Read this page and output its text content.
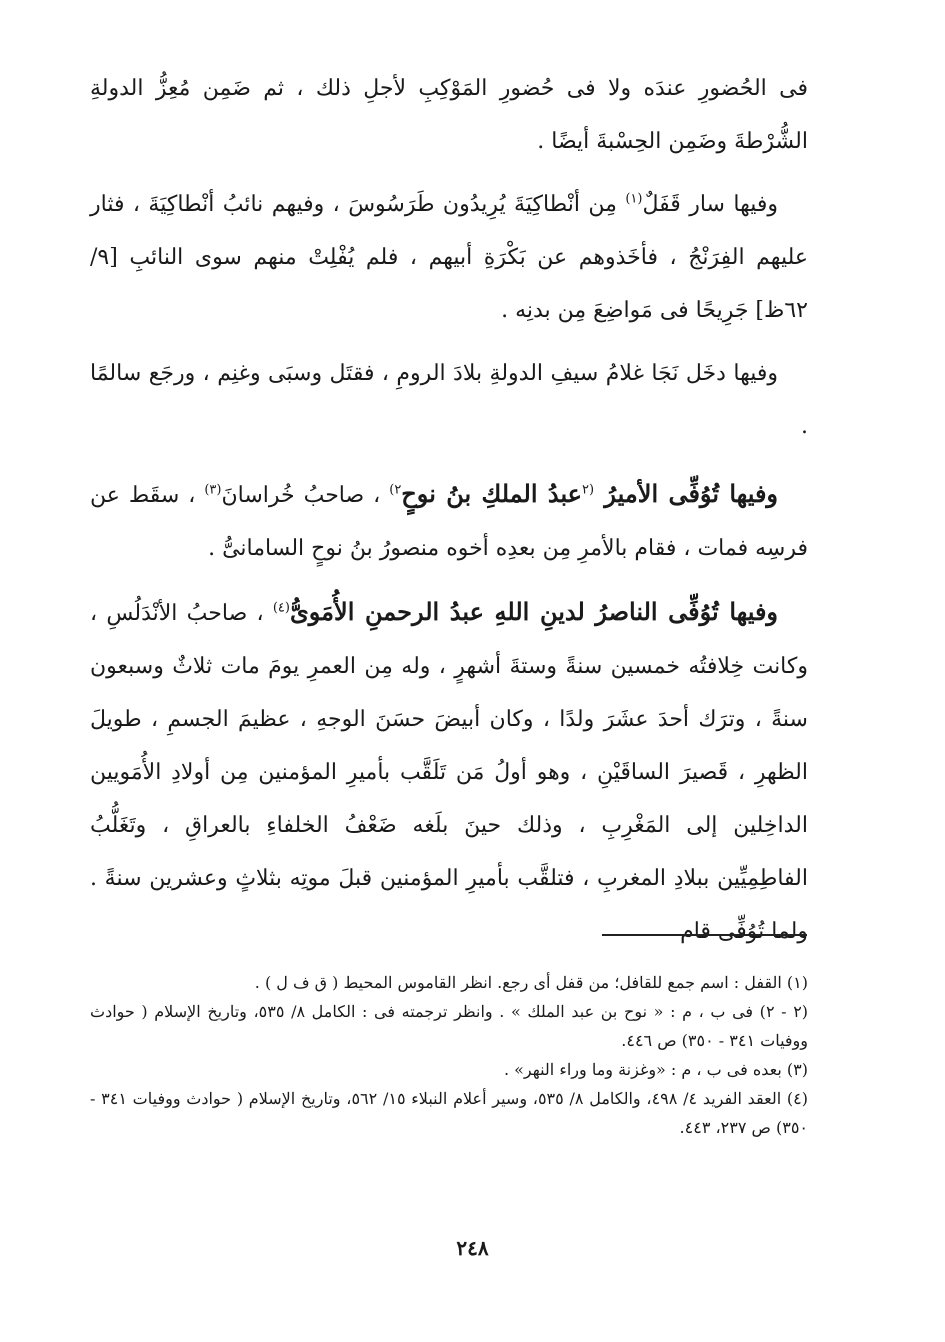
فى الحُضورِ عندَه ولا فى حُضورِ المَوْكِبِ لأجلِ ذلك ، ثم ضَمِن مُعِزُّ الدولةِ الشُّرْطةَ وضَمِن الحِسْبةَ أيضًا .

وفيها سار قَفَلٌ$^{(١)}$ مِن أنْطاكِيَةَ يُرِيدُون طَرَسُوسَ ، وفيهم نائبُ أنْطاكِيَةَ ، فثار عليهم الفِرَنْجُ ، فأخَذوهم عن بَكْرَةِ أبيهم ، فلم يُفْلِتْ منهم سوى النائبِ [٩/ ٦٢ظ] جَرِيحًا فى مَواضِعَ مِن بدنِه .

وفيها دخَل نَجَا غلامُ سيفِ الدولةِ بلادَ الرومِ ، فقتَل وسبَى وغنِم ، ورجَع سالمًا .

وفيها تُوُفِّى الأميرُ $^{(٢}$عبدُ الملكِ بنُ نوحٍ$^{٢)}$ ، صاحبُ خُراسانَ$^{(٣)}$ ، سقَط عن فرسِه فمات ، فقام بالأمرِ مِن بعدِه أخوه منصورُ بنُ نوحٍ السامانىُّ .

وفيها تُوُفِّى الناصرُ لدينِ اللهِ عبدُ الرحمنِ الأُمَوىُّ$^{(٤)}$ ، صاحبُ الأنْدَلُسِ ، وكانت خِلافتُه خمسين سنةً وستةَ أشهرٍ ، وله مِن العمرِ يومَ مات ثلاثٌ وسبعون سنةً ، وترَك أحدَ عشَرَ ولدًا ، وكان أبيضَ حسَنَ الوجهِ ، عظيمَ الجسمِ ، طويلَ الظهرِ ، قَصيرَ الساقَيْنِ ، وهو أولُ مَن تَلَقَّب بأميرِ المؤمنين مِن أولادِ الأُمَويين الداخِلين إلى المَغْرِبِ ، وذلك حينَ بلَغه ضَعْفُ الخلفاءِ بالعراقِ ، وتَغَلُّبُ الفاطِمِيِّين ببلادِ المغربِ ، فتلقَّب بأميرِ المؤمنين قبلَ موتِه بثلاثٍ وعشرين سنةً . ولما تُوُفِّى قام

(١) القفل : اسم جمع للقافل؛ من قفل أى رجع. انظر القاموس المحيط ( ق ف ل ) .

(٢ - ٢) فى ب ، م : « نوح بن عبد الملك » . وانظر ترجمته فى : الكامل ٨/ ٥٣٥، وتاريخ الإسلام ( حوادث ووفيات ٣٤١ - ٣٥٠) ص ٤٤٦.

(٣) بعده فى ب ، م : «وغزنة وما وراء النهر» .

(٤) العقد الفريد ٤/ ٤٩٨، والكامل ٨/ ٥٣٥، وسير أعلام النبلاء ١٥/ ٥٦٢، وتاريخ الإسلام ( حوادث ووفيات ٣٤١ - ٣٥٠) ص ٢٣٧، ٤٤٣.

٢٤٨
